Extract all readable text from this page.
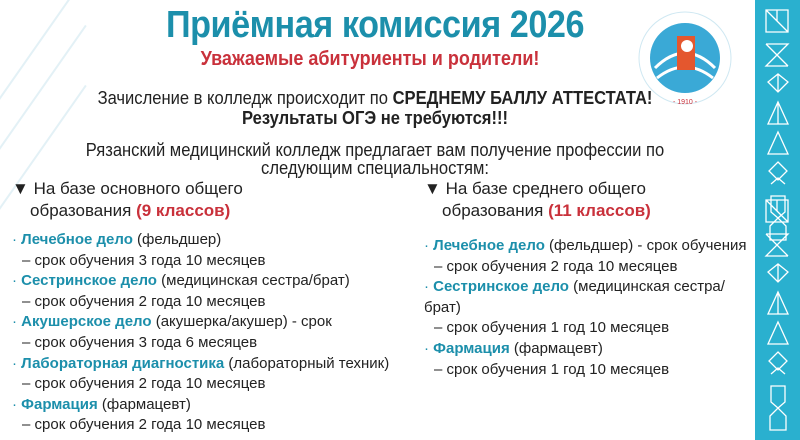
Приёмная комиссия 2026
Уважаемые абитуриенты и родители!
- 1910 -
Зачисление в колледж происходит по СРЕДНЕМУ БАЛЛУ АТТЕСТАТА!
Результаты ОГЭ не требуются!!!
Рязанский медицинский колледж предлагает вам получение профессии по
следующим специальностям:
▼ На базе основного общего
образования (9 классов)
· Лечебное дело (фельдшер)
– срок обучения 3 года 10 месяцев
· Сестринское дело (медицинская сестра/брат)
– срок обучения 2 года 10 месяцев
· Акушерское дело (акушерка/акушер) - срок
– срок обучения 3 года 6 месяцев
· Лабораторная диагностика (лабораторный техник)
– срок обучения 2 года 10 месяцев
· Фармация (фармацевт)
– срок обучения 2 года 10 месяцев
▼ На базе среднего общего
образования (11 классов)
· Лечебное дело (фельдшер) - срок обучения
– срок обучения 2 года 10 месяцев
· Сестринское дело (медицинская сестра/брат)
– срок обучения 1 год 10 месяцев
· Фармация (фармацевт)
– срок обучения 1 год 10 месяцев
